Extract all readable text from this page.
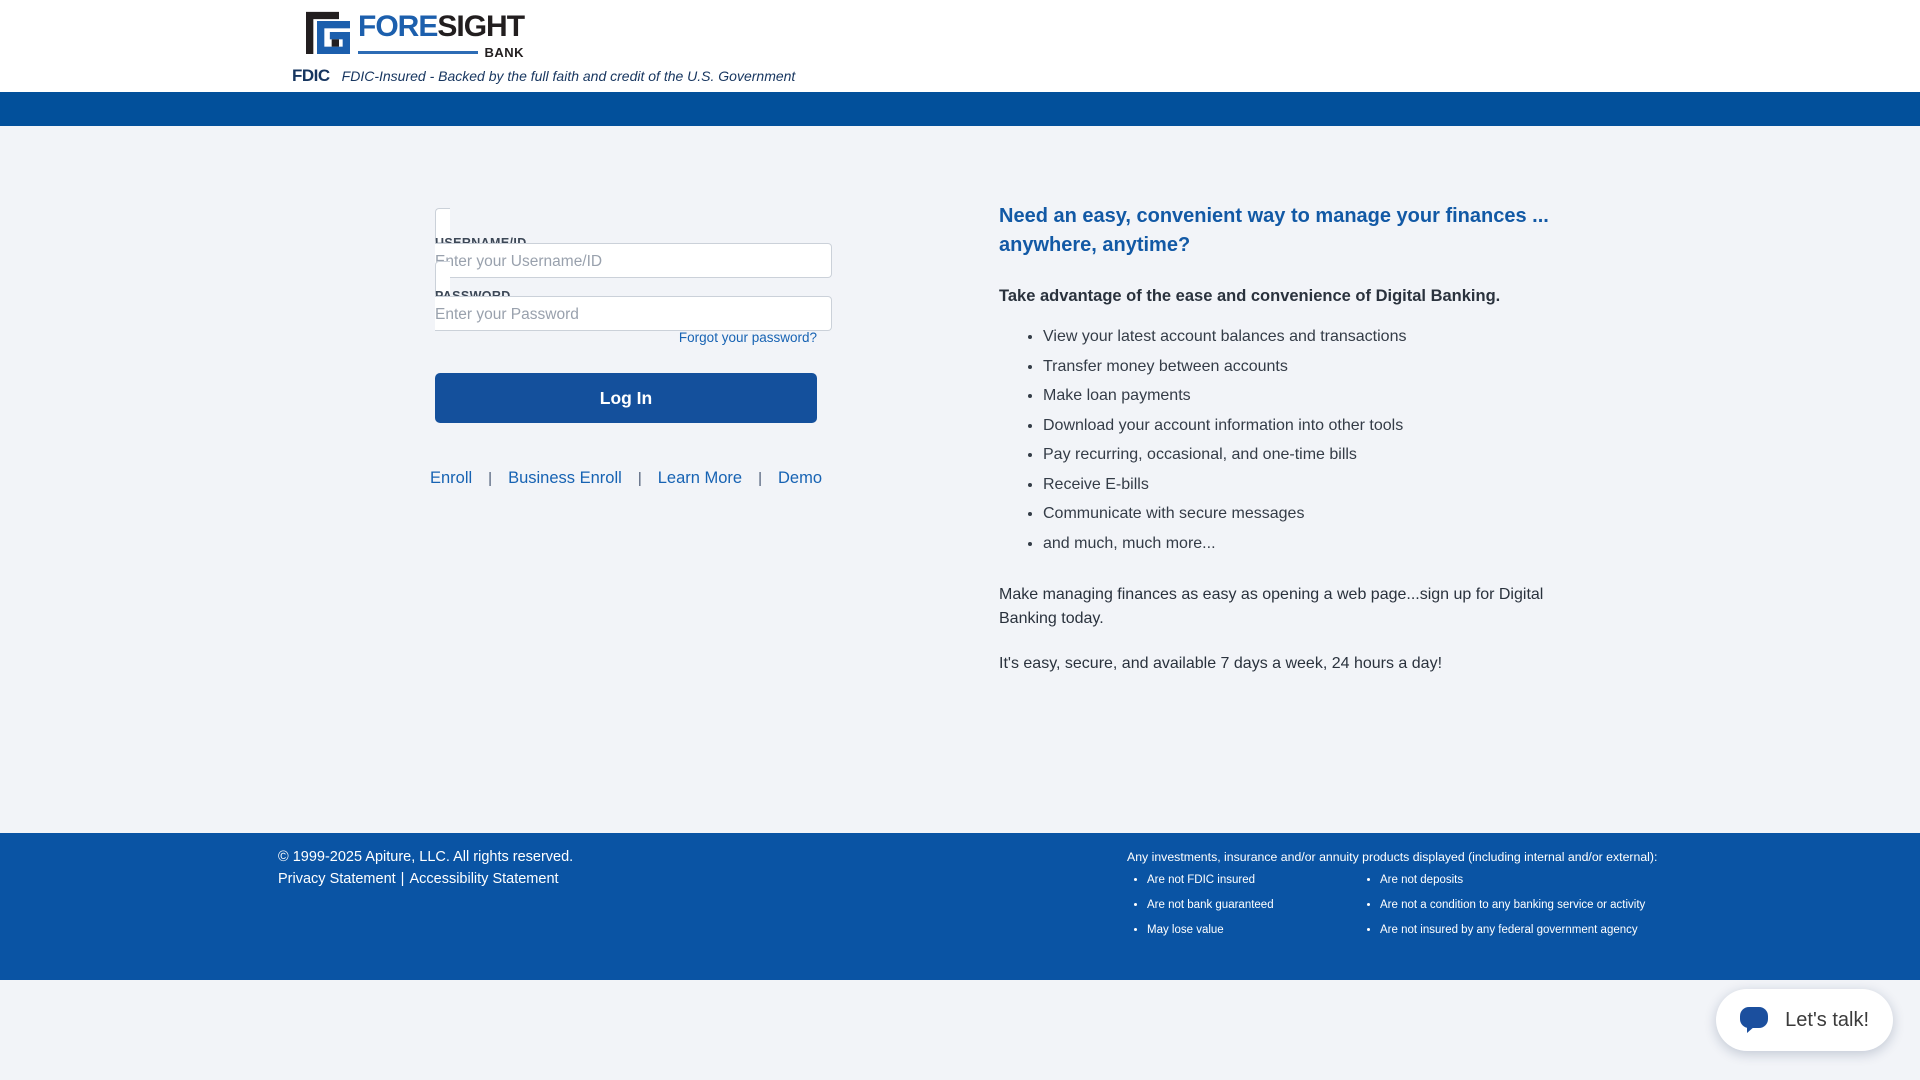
FORESIGHT
BANK
FDIC FDIC-Insured - Backed by the full faith and credit of the U.S. Government
USERNAME/ID
Enter your Username/ID
PASSWORD
Forgot your password?
Log In
Enroll	| Business Enroll	| Learn More	| Demo
Need an easy, convenient way to manage your finances ... anywhere, anytime?
Take advantage of the ease and convenience of Digital Banking.
• View your latest account balances and transactions
• Transfer money between accounts
• Make loan payments
• Download your account information into other tools
• Pay recurring, occasional, and one-time bills
• Receive E-bills
• Communicate with secure messages
• and much, much more...

Make managing finances as easy as opening a web page...sign up for Digital Banking today.

It's easy, secure, and available 7 days a week, 24 hours a day!

© 1999-2025 Apiture, LLC. All rights reserved.
Privacy Statement | Accessibility Statement
Any investments, insurance and/or annuity products displayed (including internal and/or external):
• Are not FDIC insured
• Are not bank guaranteed
• May lose value
• Are not deposits
• Are not a condition to any banking service or activity
• Are not insured by any federal government agency
Let's talk!
